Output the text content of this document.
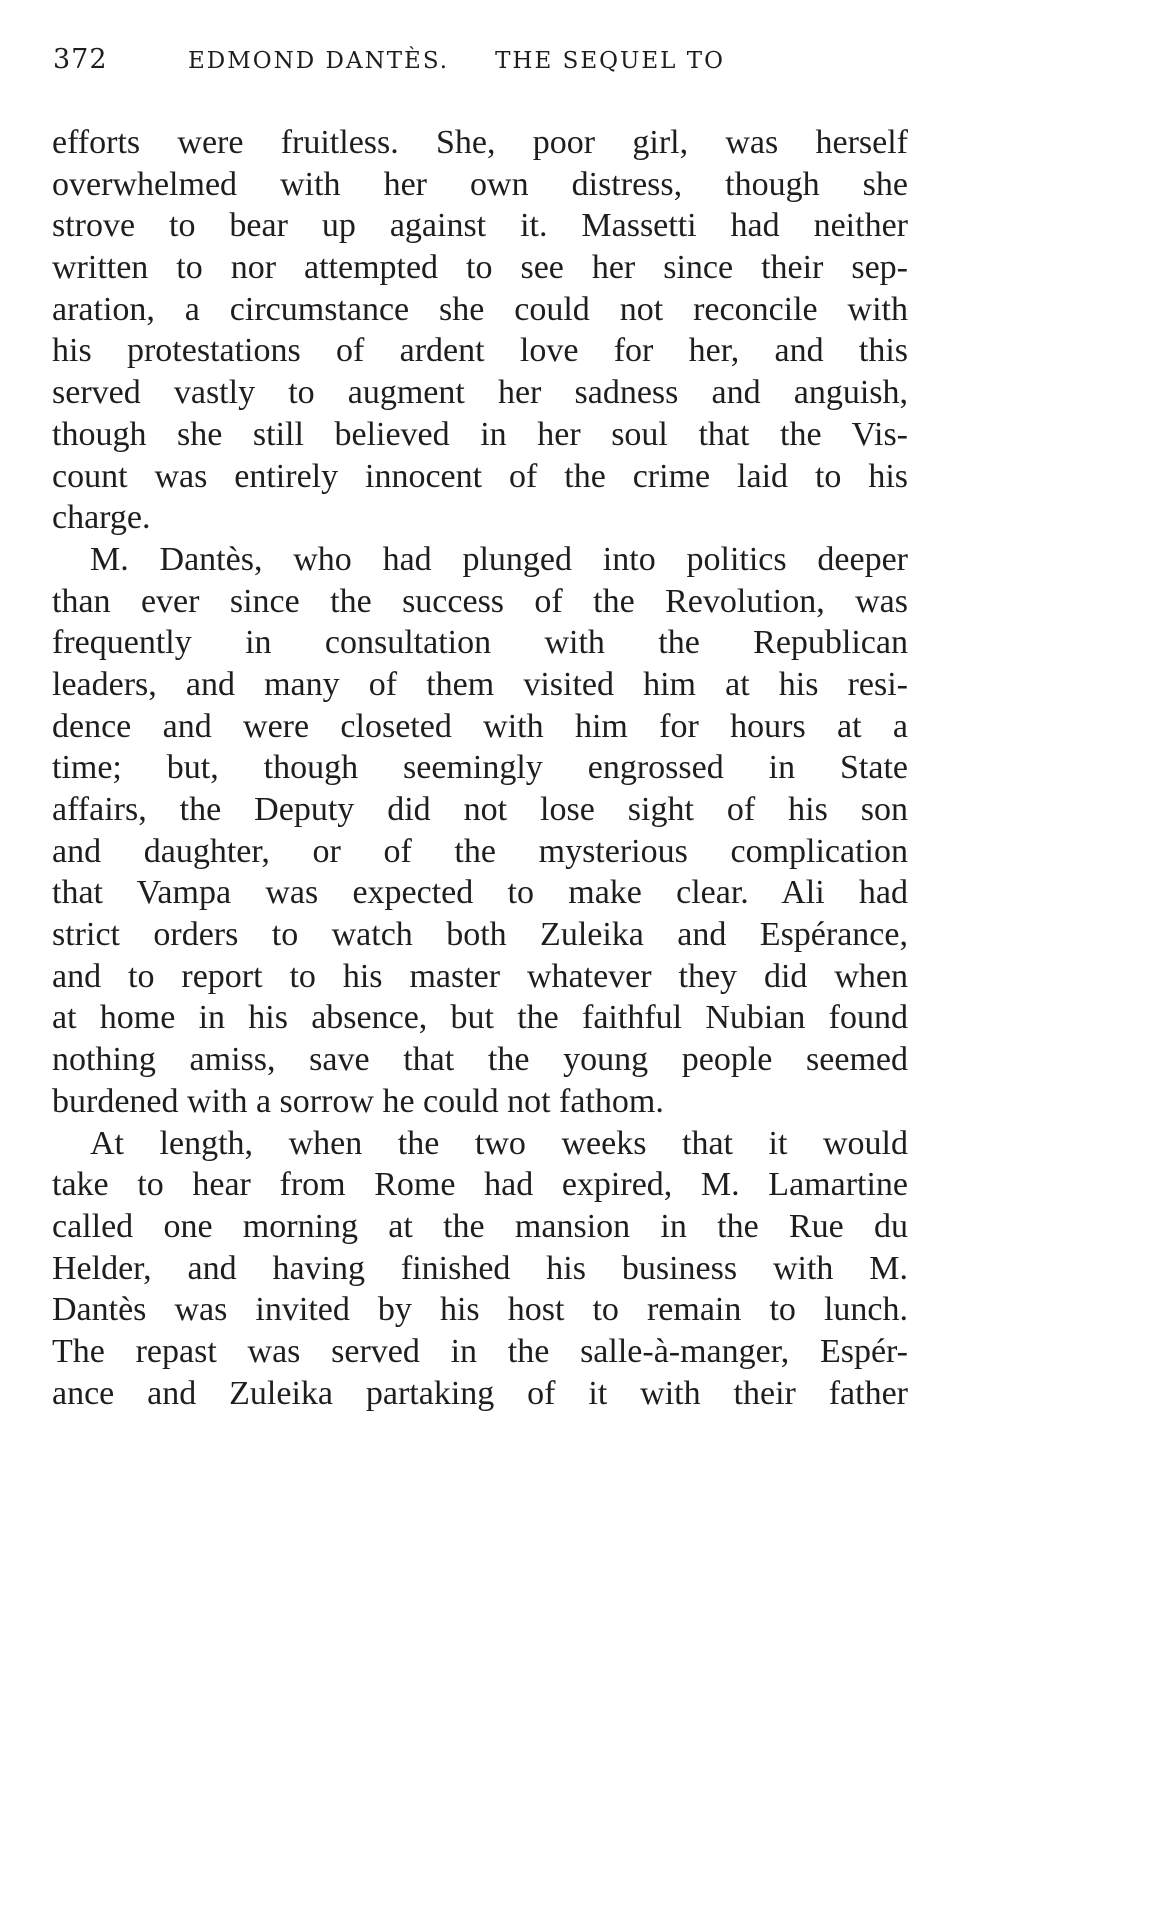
372	EDMOND DANTÈS. THE SEQUEL TO
efforts were fruitless. She, poor girl, was herself
overwhelmed with her own distress, though she
strove to bear up against it. Massetti had neither
written to nor attempted to see her since their sep-
aration, a circumstance she could not reconcile with
his protestations of ardent love for her, and this
served vastly to augment her sadness and anguish,
though she still believed in her soul that the Vis-
count was entirely innocent of the crime laid to his
charge.
M. Dantès, who had plunged into politics deeper
than ever since the success of the Revolution, was
frequently in consultation with the Republican
leaders, and many of them visited him at his resi-
dence and were closeted with him for hours at a
time; but, though seemingly engrossed in State
affairs, the Deputy did not lose sight of his son
and daughter, or of the mysterious complication
that Vampa was expected to make clear. Ali had
strict orders to watch both Zuleika and Espérance,
and to report to his master whatever they did when
at home in his absence, but the faithful Nubian found
nothing amiss, save that the young people seemed
burdened with a sorrow he could not fathom.
At length, when the two weeks that it would
take to hear from Rome had expired, M. Lamartine
called one morning at the mansion in the Rue du
Helder, and having finished his business with M.
Dantès was invited by his host to remain to lunch.
The repast was served in the salle-à-manger, Espér-
ance and Zuleika partaking of it with their father
